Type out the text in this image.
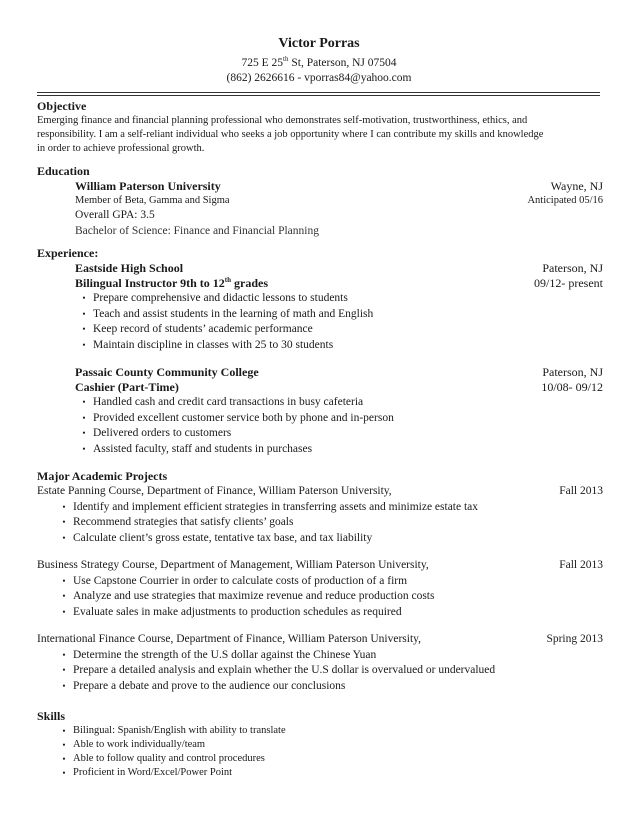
Victor Porras
725 E 25th St, Paterson, NJ 07504
(862) 2626616 - vporras84@yahoo.com
Objective
Emerging finance and financial planning professional who demonstrates self-motivation, trustworthiness, ethics, and
responsibility. I am a self-reliant individual who seeks a job opportunity where I can contribute my skills and knowledge
in order to achieve professional growth.
Education
William Paterson University	Wayne, NJ
Member of Beta, Gamma and Sigma	Anticipated 05/16
Overall GPA: 3.5
Bachelor of Science: Finance and Financial Planning
Experience:
Eastside High School	Paterson, NJ
Bilingual Instructor 9th to 12th grades	09/12- present
• Prepare comprehensive and didactic lessons to students
• Teach and assist students in the learning of math and English
• Keep record of students’ academic performance
• Maintain discipline in classes with 25 to 30 students
Passaic County Community College	Paterson, NJ
Cashier (Part-Time)	10/08- 09/12
• Handled cash and credit card transactions in busy cafeteria
• Provided excellent customer service both by phone and in-person
• Delivered orders to customers
• Assisted faculty, staff and students in purchases
Major Academic Projects
Estate Panning Course, Department of Finance, William Paterson University,	Fall 2013
• Identify and implement efficient strategies in transferring assets and minimize estate tax
• Recommend strategies that satisfy clients’ goals
• Calculate client’s gross estate, tentative tax base, and tax liability
Business Strategy Course, Department of Management, William Paterson University,	Fall 2013
• Use Capstone Courrier in order to calculate costs of production of a firm
• Analyze and use strategies that maximize revenue and reduce production costs
• Evaluate sales in make adjustments to production schedules as required
International Finance Course, Department of Finance, William Paterson University,	Spring 2013
• Determine the strength of the U.S dollar against the Chinese Yuan
• Prepare a detailed analysis and explain whether the U.S dollar is overvalued or undervalued
• Prepare a debate and prove to the audience our conclusions
Skills
• Bilingual: Spanish/English with ability to translate
• Able to work individually/team
• Able to follow quality and control procedures
• Proficient in Word/Excel/Power Point
